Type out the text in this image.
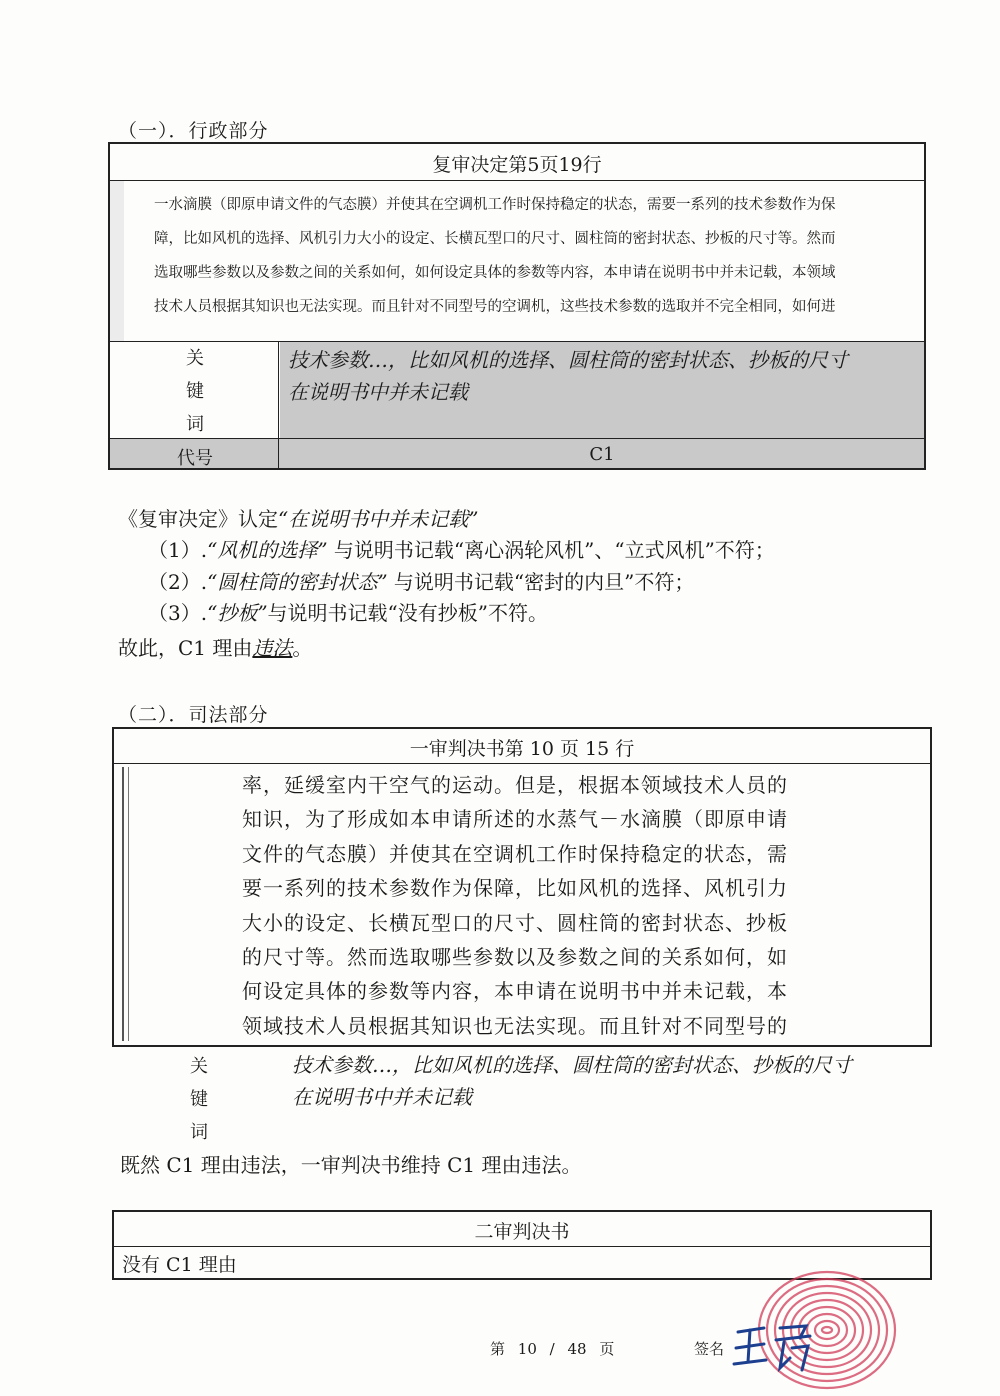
（一）．行政部分
复审决定第5页19行
一水滴膜（即原申请文件的气态膜）并使其在空调机工作时保持稳定的状态，需要一系列的技术参数作为保
障，比如风机的选择、风机引力大小的设定、长横瓦型口的尺寸、圆柱筒的密封状态、抄板的尺寸等。然而
选取哪些参数以及参数之间的关系如何，如何设定具体的参数等内容，本申请在说明书中并未记载，本领域
技术人员根据其知识也无法实现。而且针对不同型号的空调机，这些技术参数的选取并不完全相同，如何进
关
键
词
技术参数…，比如风机的选择、圆柱筒的密封状态、抄板的尺寸
在说明书中并未记载
代号	C1
《复审决定》认定“在说明书中并未记载”
（1）.“风机的选择” 与说明书记载“离心涡轮风机”、“立式风机”不符；
（2）.“圆柱筒的密封状态” 与说明书记载“密封的内旦”不符；
（3）.“抄板”与说明书记载“没有抄板”不符。
故此，C1 理由违法。
（二）．司法部分
一审判决书第 10 页 15 行
率，延缓室内干空气的运动。但是，根据本领域技术人员的
知识，为了形成如本申请所述的水蒸气－水滴膜（即原申请
文件的气态膜）并使其在空调机工作时保持稳定的状态，需
要一系列的技术参数作为保障，比如风机的选择、风机引力
大小的设定、长横瓦型口的尺寸、圆柱筒的密封状态、抄板
的尺寸等。然而选取哪些参数以及参数之间的关系如何，如
何设定具体的参数等内容，本申请在说明书中并未记载，本
领域技术人员根据其知识也无法实现。而且针对不同型号的
关
键
词
技术参数…，比如风机的选择、圆柱筒的密封状态、抄板的尺寸
在说明书中并未记载
既然 C1 理由违法，一审判决书维持 C1 理由违法。
二审判决书
没有 C1 理由
第 10 / 48 页	签名
